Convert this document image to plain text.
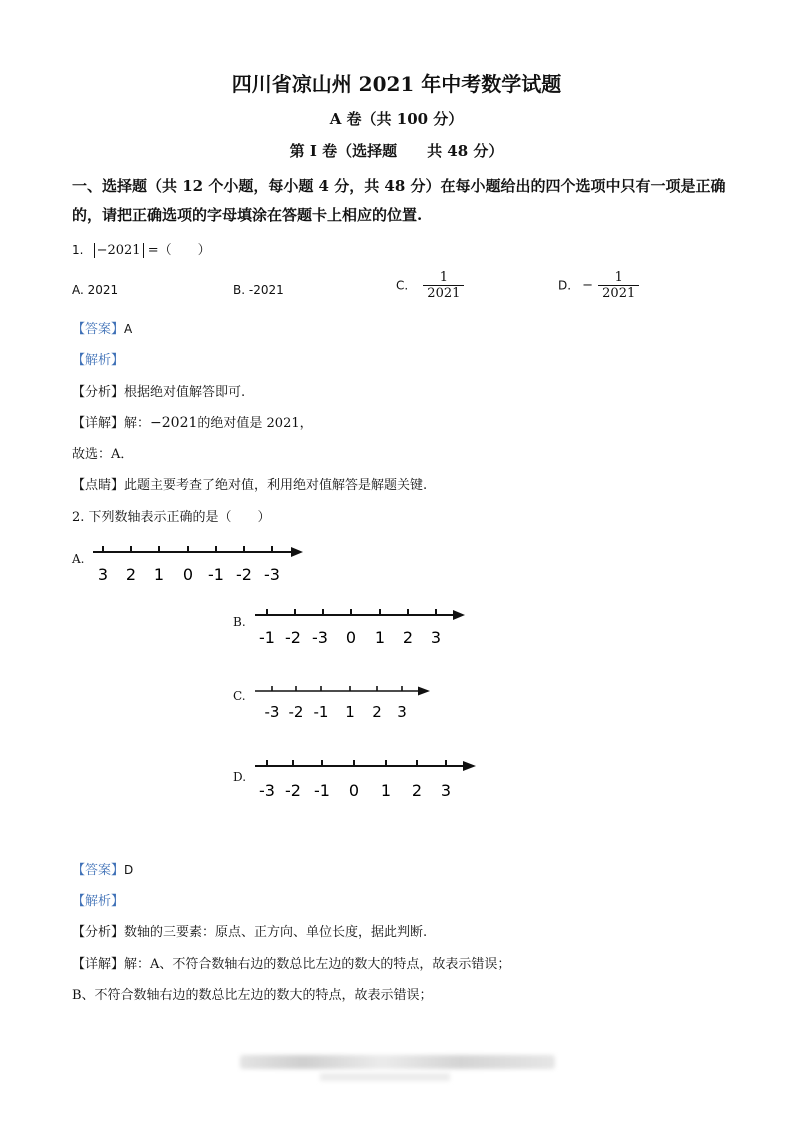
四川省凉山州 2021 年中考数学试题
A 卷（共 100 分）
第 I 卷（选择题　　共 48 分）
一、选择题（共 12 个小题，每小题 4 分，共 48 分）在每小题给出的四个选项中只有一项是正确的，请把正确选项的字母填涂在答题卡上相应的位置.
1. −2021 =（　　）
A. 2021	B. -2021	C. $\frac{1}{2021}$	D. − $\frac{1}{2021}$
【答案】A
【解析】
【分析】根据绝对值解答即可.
【详解】解：−2021的绝对值是 2021，
故选：A．
【点睛】此题主要考查了绝对值，利用绝对值解答是解题关键.
2. 下列数轴表示正确的是（　　）
A.
3 2 1 0 -1 -2 -3
B.
-1 -2 -3 0 1 2 3
C.
-3 -2 -1 1 2 3
D.
-3 -2 -1 0 1 2 3
【答案】D
【解析】
【分析】数轴的三要素：原点、正方向、单位长度，据此判断.
【详解】解：A、不符合数轴右边的数总比左边的数大的特点，故表示错误；
B、不符合数轴右边的数总比左边的数大的特点，故表示错误；
